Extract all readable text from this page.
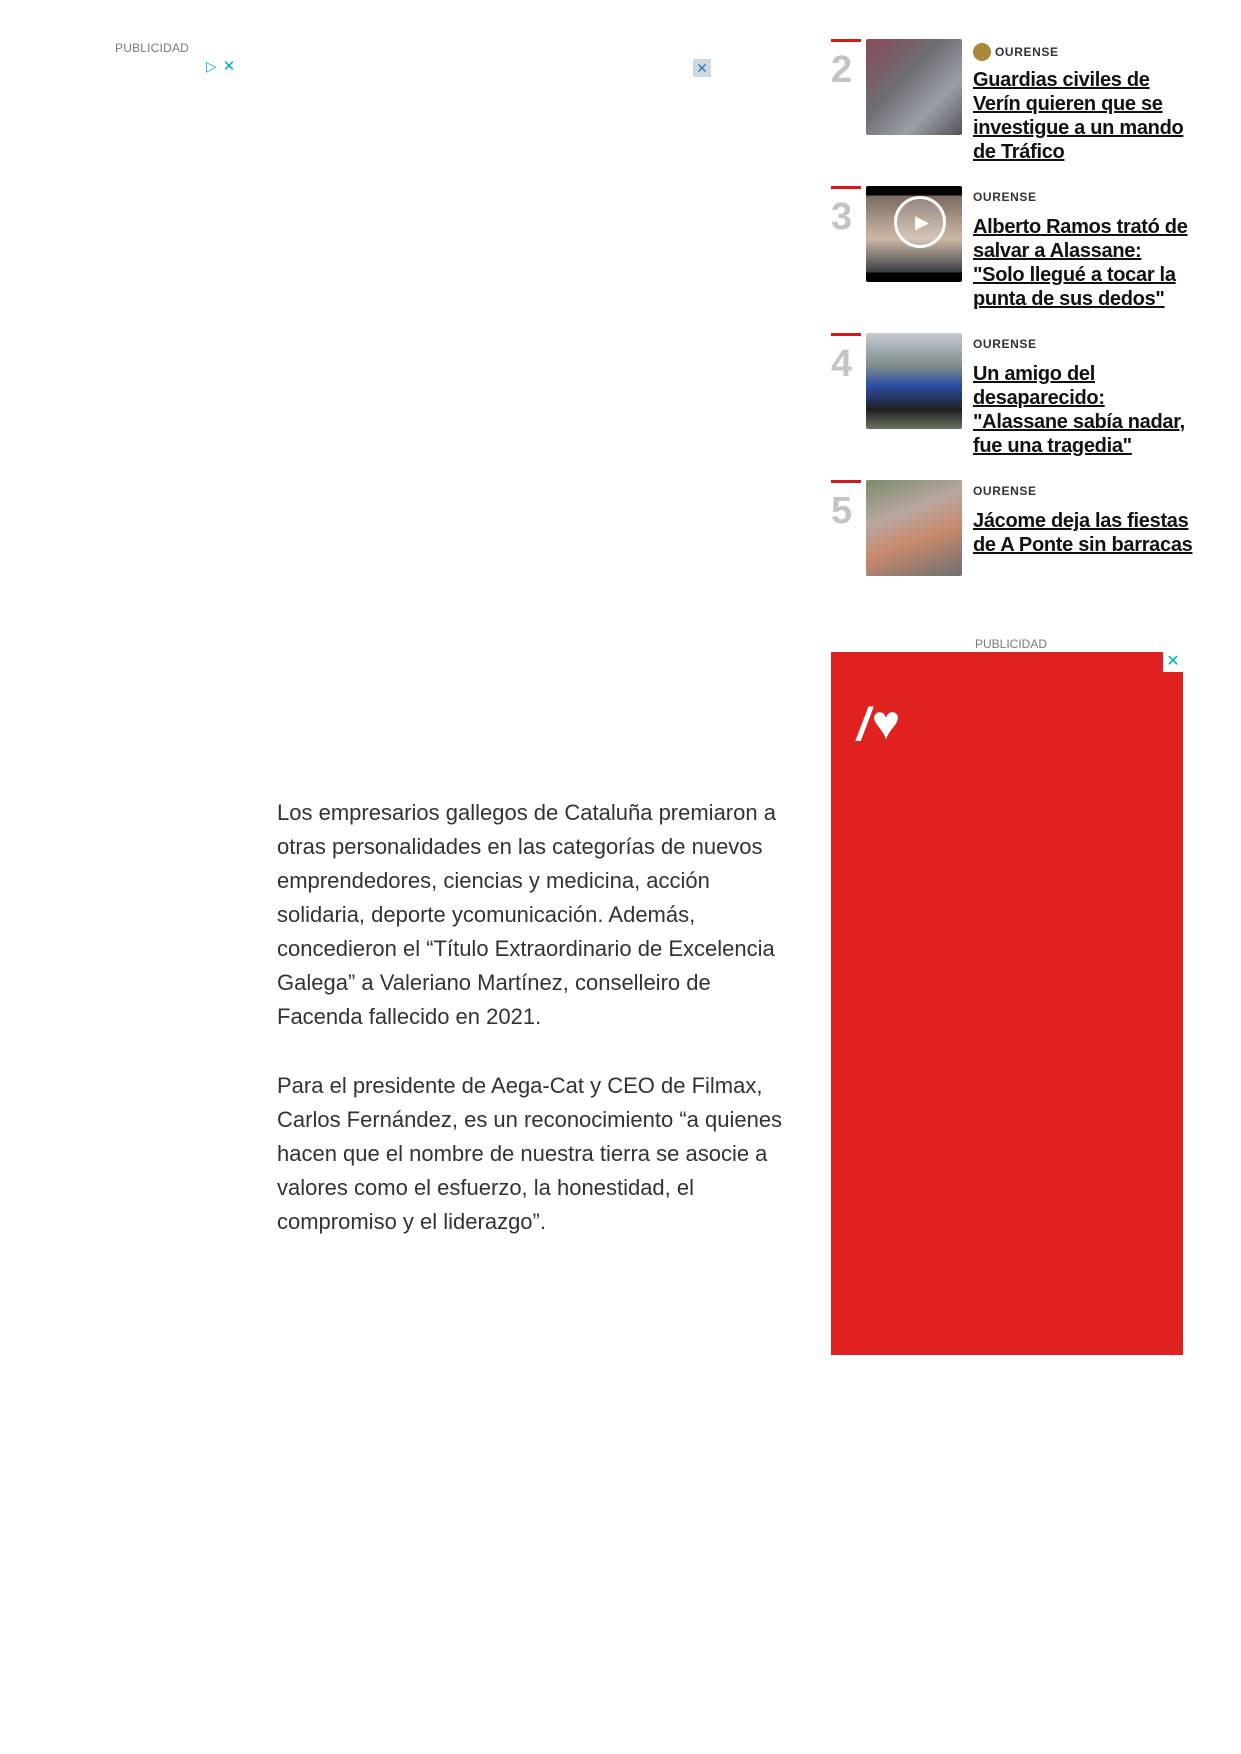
PUBLICIDAD
▷ ✕	✕

Los empresarios gallegos de Cataluña premiaron a otras personalidades en las categorías de nuevos emprendedores, ciencias y medicina, acción solidaria, deporte ycomunicación. Además, concedieron el “Título Extraordinario de Excelencia Galega” a Valeriano Martínez, conselleiro de Facenda fallecido en 2021.

Para el presidente de Aega-Cat y CEO de Filmax, Carlos Fernández, es un reconocimiento “a quienes hacen que el nombre de nuestra tierra se asocie a valores como el esfuerzo, la honestidad, el compromiso y el liderazgo”.

2	OURENSE
Guardias civiles de Verín quieren que se investigue a un mando de Tráfico
3	▶
OURENSE
Alberto Ramos trató de salvar a Alassane: "Solo llegué a tocar la punta de sus dedos"
4	OURENSE
Un amigo del desaparecido: "Alassane sabía nadar, fue una tragedia"
5	OURENSE
Jácome deja las fiestas de A Ponte sin barracas
PUBLICIDAD
✕
/ ♥
